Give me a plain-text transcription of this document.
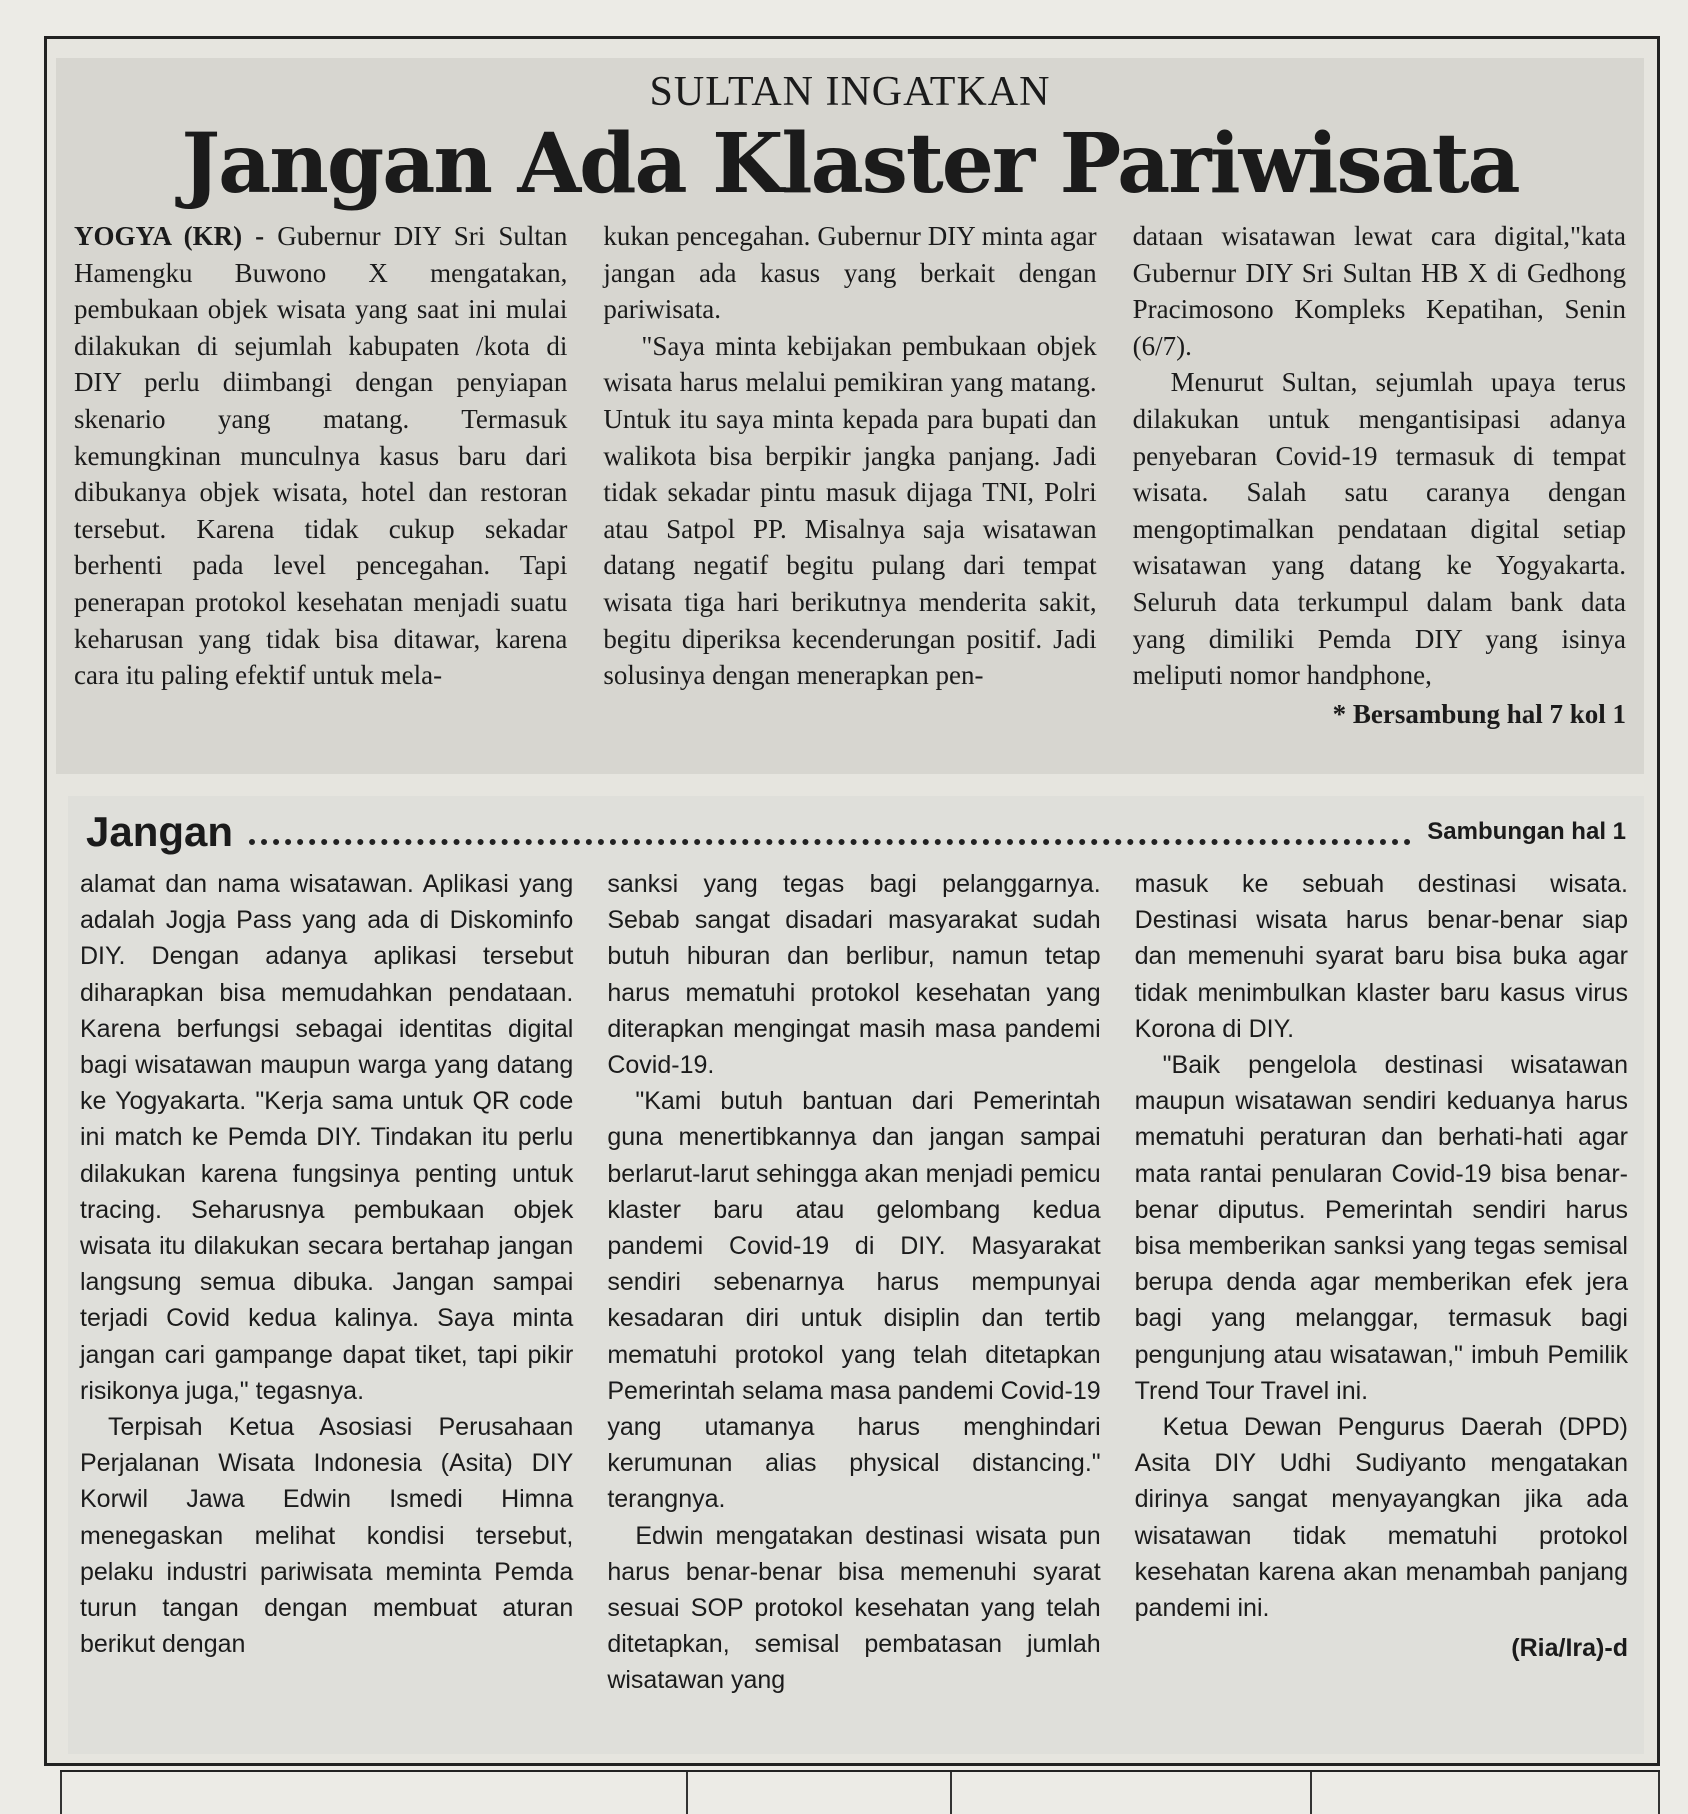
SULTAN INGATKAN
Jangan Ada Klaster Pariwisata

YOGYA (KR) - Gubernur DIY Sri Sultan Hamengku Buwono X mengatakan, pembukaan objek wisata yang saat ini mulai dilakukan di sejumlah kabupaten /kota di DIY perlu diimbangi dengan penyiapan skenario yang matang. Termasuk kemungkinan munculnya kasus baru dari dibukanya objek wisata, hotel dan restoran tersebut. Karena tidak cukup sekadar berhenti pada level pencegahan. Tapi penerapan protokol kesehatan menjadi suatu keharusan yang tidak bisa ditawar, karena cara itu paling efektif untuk mela-

kukan pencegahan. Gubernur DIY minta agar jangan ada kasus yang berkait dengan pariwisata.

"Saya minta kebijakan pembukaan objek wisata harus melalui pemikiran yang matang. Untuk itu saya minta kepada para bupati dan walikota bisa berpikir jangka panjang. Jadi tidak sekadar pintu masuk dijaga TNI, Polri atau Satpol PP. Misalnya saja wisatawan datang negatif begitu pulang dari tempat wisata tiga hari berikutnya menderita sakit, begitu diperiksa kecenderungan positif. Jadi solusinya dengan menerapkan pen-

dataan wisatawan lewat cara digital,"kata Gubernur DIY Sri Sultan HB X di Gedhong Pracimosono Kompleks Kepatihan, Senin (6/7).

Menurut Sultan, sejumlah upaya terus dilakukan untuk mengantisipasi adanya penyebaran Covid-19 termasuk di tempat wisata. Salah satu caranya dengan mengoptimalkan pendataan digital setiap wisatawan yang datang ke Yogyakarta. Seluruh data terkumpul dalam bank data yang dimiliki Pemda DIY yang isinya meliputi nomor handphone,

* Bersambung hal 7 kol 1
Jangan	Sambungan hal 1

alamat dan nama wisatawan. Aplikasi yang adalah Jogja Pass yang ada di Diskominfo DIY. Dengan adanya aplikasi tersebut diharapkan bisa memudahkan pendataan. Karena berfungsi sebagai identitas digital bagi wisatawan maupun warga yang datang ke Yogyakarta. "Kerja sama untuk QR code ini match ke Pemda DIY. Tindakan itu perlu dilakukan karena fungsinya penting untuk tracing. Seharusnya pembukaan objek wisata itu dilakukan secara bertahap jangan langsung semua dibuka. Jangan sampai terjadi Covid kedua kalinya. Saya minta jangan cari gampange dapat tiket, tapi pikir risikonya juga," tegasnya.

Terpisah Ketua Asosiasi Perusahaan Perjalanan Wisata Indonesia (Asita) DIY Korwil Jawa Edwin Ismedi Himna menegaskan melihat kondisi tersebut, pelaku industri pariwisata meminta Pemda turun tangan dengan membuat aturan berikut dengan

sanksi yang tegas bagi pelanggarnya. Sebab sangat disadari masyarakat sudah butuh hiburan dan berlibur, namun tetap harus mematuhi protokol kesehatan yang diterapkan mengingat masih masa pandemi Covid-19.

"Kami butuh bantuan dari Pemerintah guna menertibkannya dan jangan sampai berlarut-larut sehingga akan menjadi pemicu klaster baru atau gelombang kedua pandemi Covid-19 di DIY. Masyarakat sendiri sebenarnya harus mempunyai kesadaran diri untuk disiplin dan tertib mematuhi protokol yang telah ditetapkan Pemerintah selama masa pandemi Covid-19 yang utamanya harus menghindari kerumunan alias physical distancing." terangnya.

Edwin mengatakan destinasi wisata pun harus benar-benar bisa memenuhi syarat sesuai SOP protokol kesehatan yang telah ditetapkan, semisal pembatasan jumlah wisatawan yang

masuk ke sebuah destinasi wisata. Destinasi wisata harus benar-benar siap dan memenuhi syarat baru bisa buka agar tidak menimbulkan klaster baru kasus virus Korona di DIY.

"Baik pengelola destinasi wisatawan maupun wisatawan sendiri keduanya harus mematuhi peraturan dan berhati-hati agar mata rantai penularan Covid-19 bisa benar-benar diputus. Pemerintah sendiri harus bisa memberikan sanksi yang tegas semisal berupa denda agar memberikan efek jera bagi yang melanggar, termasuk bagi pengunjung atau wisatawan," imbuh Pemilik Trend Tour Travel ini.

Ketua Dewan Pengurus Daerah (DPD) Asita DIY Udhi Sudiyanto mengatakan dirinya sangat menyayangkan jika ada wisatawan tidak mematuhi protokol kesehatan karena akan menambah panjang pandemi ini.

(Ria/Ira)-d
